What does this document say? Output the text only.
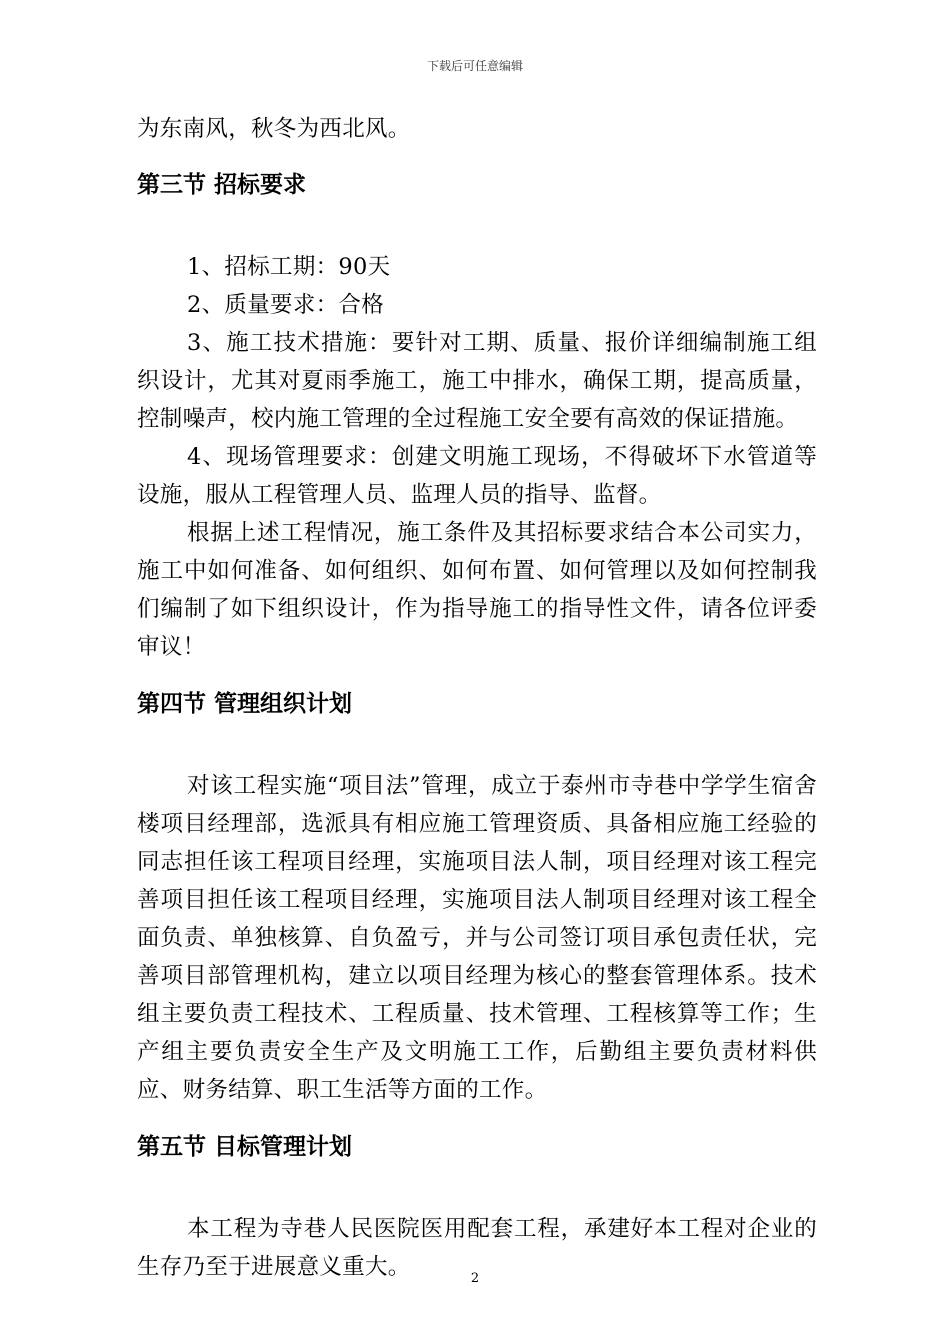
下载后可任意编辑

为东南风，秋冬为西北风。

第三节 招标要求

1、招标工期：90天

2、质量要求：合格

3、施工技术措施：要针对工期、质量、报价详细编制施工组织设计，尤其对夏雨季施工，施工中排水，确保工期，提高质量，控制噪声，校内施工管理的全过程施工安全要有高效的保证措施。

4、现场管理要求：创建文明施工现场，不得破坏下水管道等设施，服从工程管理人员、监理人员的指导、监督。

根据上述工程情况，施工条件及其招标要求结合本公司实力，施工中如何准备、如何组织、如何布置、如何管理以及如何控制我们编制了如下组织设计，作为指导施工的指导性文件，请各位评委审议！

第四节 管理组织计划

对该工程实施“项目法”管理，成立于泰州市寺巷中学学生宿舍楼项目经理部，选派具有相应施工管理资质、具备相应施工经验的同志担任该工程项目经理，实施项目法人制，项目经理对该工程完善项目担任该工程项目经理，实施项目法人制项目经理对该工程全面负责、单独核算、自负盈亏，并与公司签订项目承包责任状，完善项目部管理机构，建立以项目经理为核心的整套管理体系。技术组主要负责工程技术、工程质量、技术管理、工程核算等工作；生产组主要负责安全生产及文明施工工作，后勤组主要负责材料供应、财务结算、职工生活等方面的工作。

第五节 目标管理计划

本工程为寺巷人民医院医用配套工程，承建好本工程对企业的生存乃至于进展意义重大。	2
